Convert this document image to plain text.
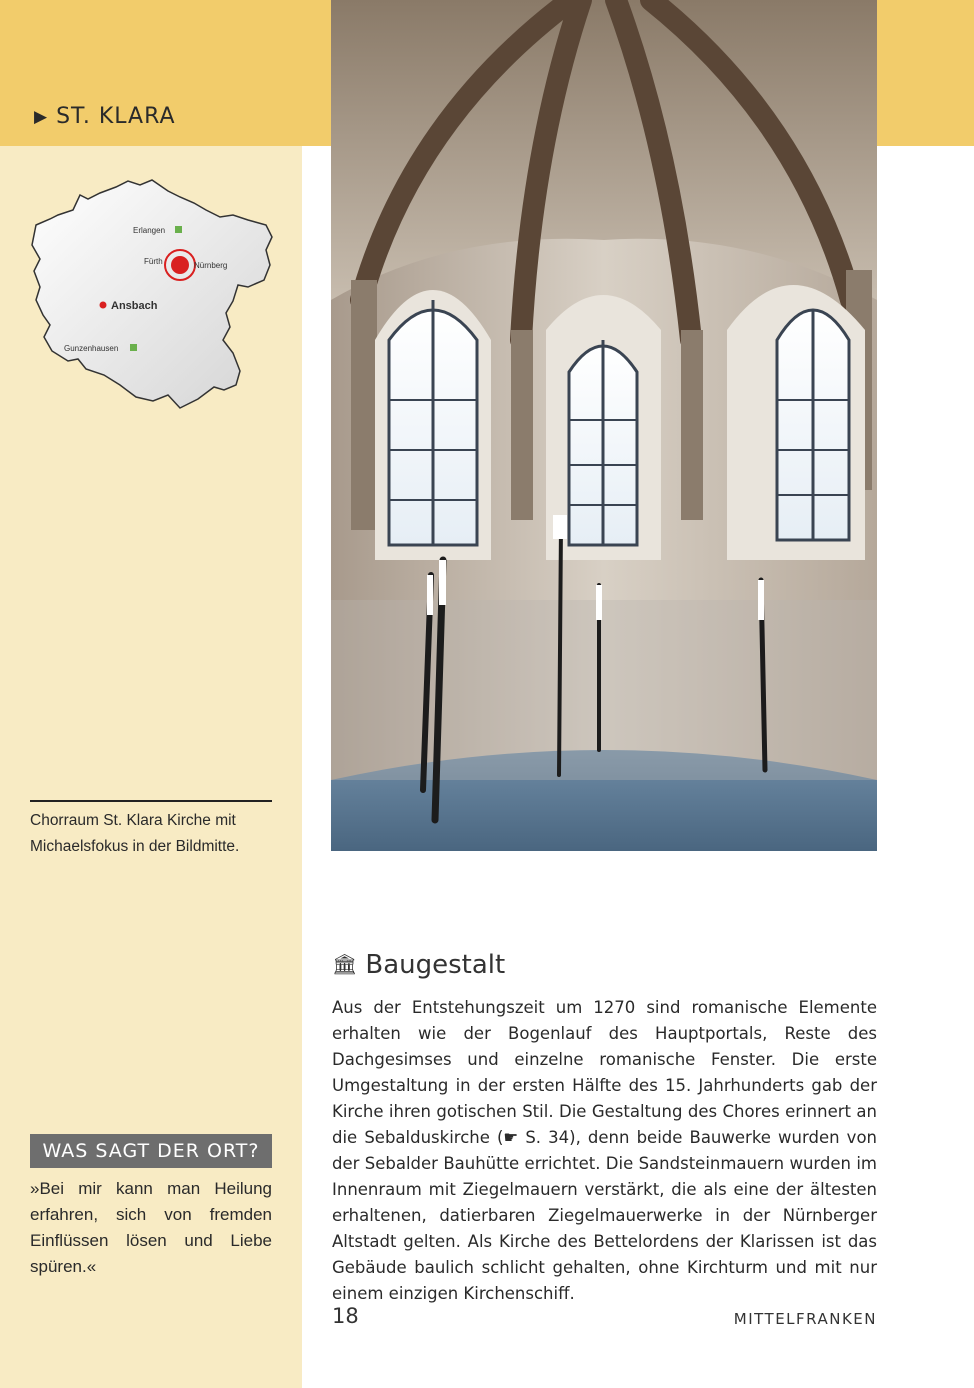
▶ ST. KLARA
Erlangen
Fürth	Nürnberg
Ansbach
Gunzenhausen
Chorraum St. Klara Kirche mit Michaelsfokus in der Bildmitte.
WAS SAGT DER ORT?
»Bei mir kann man Heilung erfahren, sich von fremden Einflüssen lösen und Liebe spüren.«
🏛 Baugestalt
Aus der Entstehungszeit um 1270 sind romanische Elemente erhalten wie der Bogenlauf des Hauptportals, Reste des Dachgesimses und einzelne romanische Fenster. Die erste Umgestaltung in der ersten Hälfte des 15. Jahrhunderts gab der Kirche ihren gotischen Stil. Die Gestaltung des Chores erinnert an die Sebalduskirche (☛ S. 34), denn beide Bauwerke wurden von der Sebalder Bauhütte errichtet. Die Sandsteinmauern wurden im Innenraum mit Ziegelmauern verstärkt, die als eine der ältesten erhaltenen, datierbaren Ziegelmauerwerke in der Nürnberger Altstadt gelten. Als Kirche des Bettelordens der Klarissen ist das Gebäude baulich schlicht gehalten, ohne Kirchturm und mit nur einem einzigen Kirchenschiff.
18	MITTELFRANKEN
